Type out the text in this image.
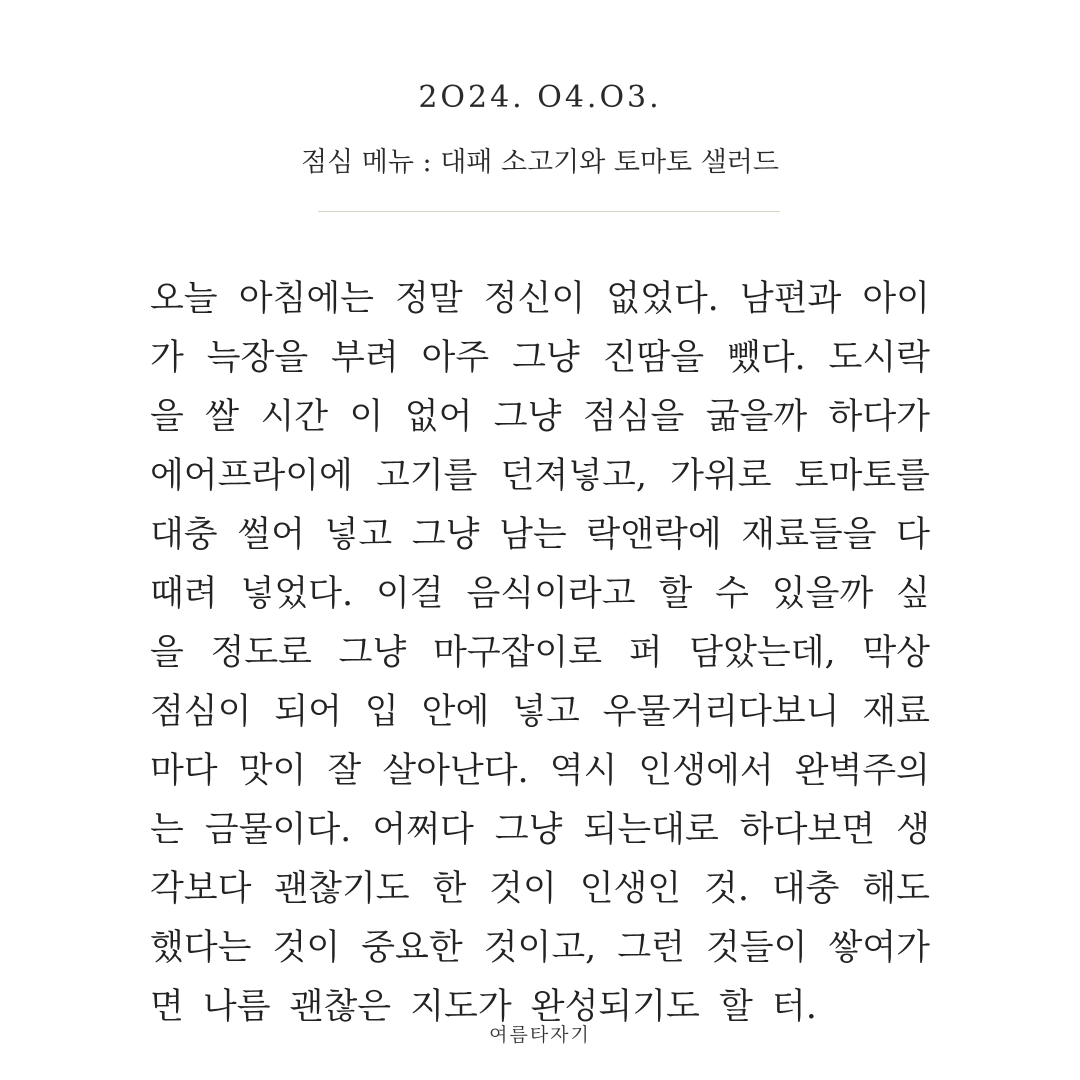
2O24. O4.O3.
점심 메뉴 : 대패 소고기와 토마토 샐러드
오늘 아침에는 정말 정신이 없었다. 남편과 아이
가 늑장을 부려 아주 그냥 진땀을 뺐다. 도시락
을 쌀 시간 이 없어 그냥 점심을 굶을까 하다가
에어프라이에 고기를 던져넣고, 가위로 토마토를
대충 썰어 넣고 그냥 남는 락앤락에 재료들을 다
때려 넣었다. 이걸 음식이라고 할 수 있을까 싶
을 정도로 그냥 마구잡이로 퍼 담았는데, 막상
점심이 되어 입 안에 넣고 우물거리다보니 재료
마다 맛이 잘 살아난다. 역시 인생에서 완벽주의
는 금물이다. 어쩌다 그냥 되는대로 하다보면 생
각보다 괜찮기도 한 것이 인생인 것. 대충 해도
했다는 것이 중요한 것이고, 그런 것들이 쌓여가
면 나름 괜찮은 지도가 완성되기도 할 터.
여름타자기
